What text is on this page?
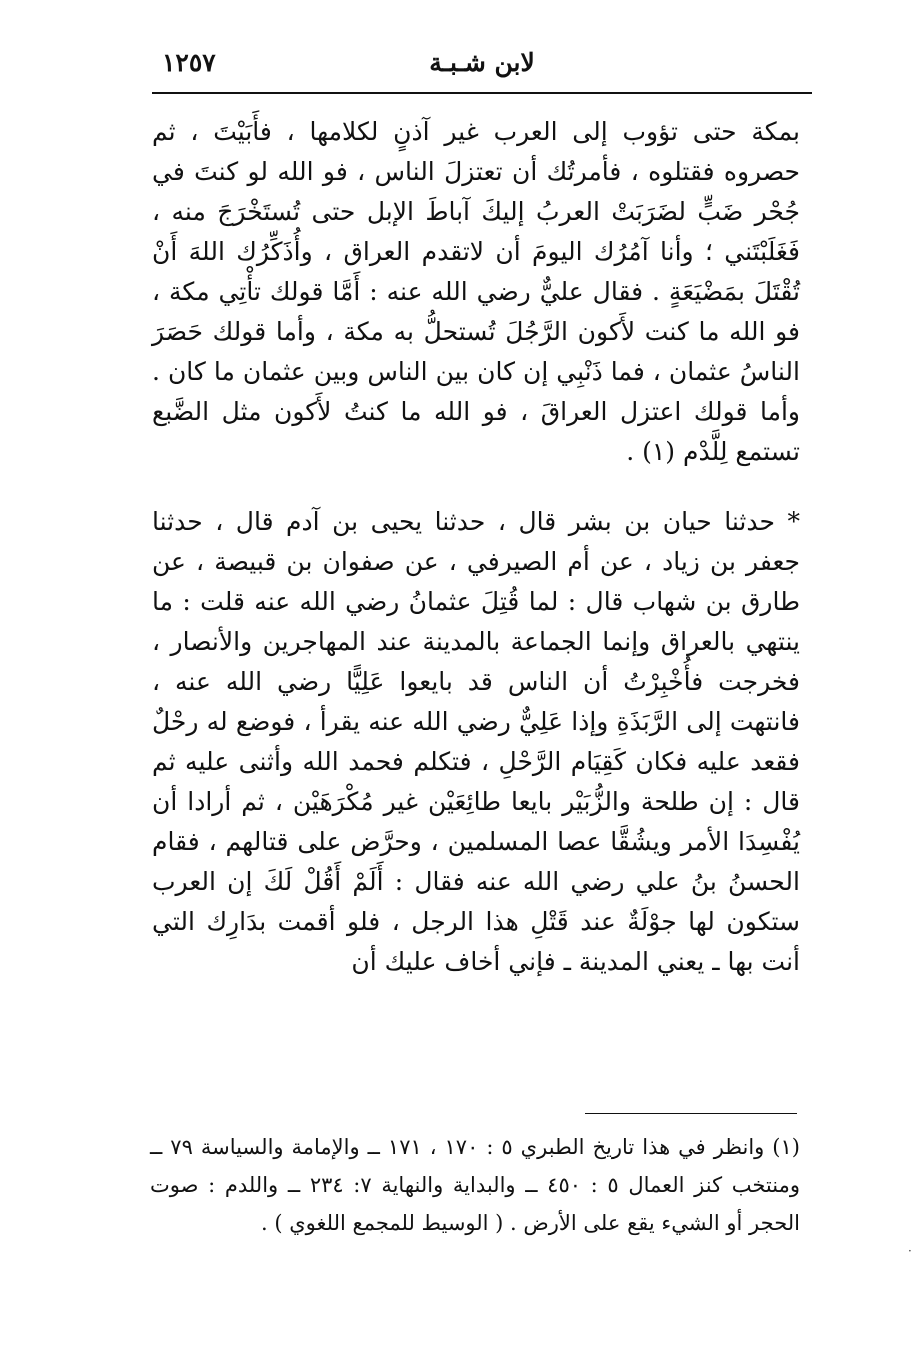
١٢٥٧	لابن شـبـة

بمكة حتى تؤوب إلى العرب غير آذنٍ لكلامها ، فأَبَيْتَ ، ثم حصروه فقتلوه ، فأمرتُك أن تعتزلَ الناس ، فو الله لو كنتَ في جُحْر ضَبٍّ لضَرَبَتْ العربُ إليكَ آباطَ الإبل حتى تُستَخْرَجَ منه ، فَغَلَبْتَني ؛ وأنا آمُرُك اليومَ أن لاتقدم العراق ، وأُذَكِّرُك اللهَ أَنْ تُقْتَلَ بمَضْيَعَةٍ . فقال عليٌّ رضي الله عنه : أَمَّا قولك تأْتِي مكة ، فو الله ما كنت لأَكون الرَّجُلَ تُستحلُّ به مكة ، وأما قولك حَصَرَ الناسُ عثمان ، فما ذَنْبِي إن كان بين الناس وبين عثمان ما كان . وأما قولك اعتزل العراقَ ، فو الله ما كنتُ لأَكون مثل الضَّبع تستمع لِلَّدْم (١) .

* حدثنا حيان بن بشر قال ، حدثنا يحيى بن آدم قال ، حدثنا جعفر بن زياد ، عن أم الصيرفي ، عن صفوان بن قبيصة ، عن طارق بن شهاب قال : لما قُتِلَ عثمانُ رضي الله عنه قلت : ما ينتهي بالعراق وإنما الجماعة بالمدينة عند المهاجرين والأنصار ، فخرجت فأُخْبِرْتُ أن الناس قد بايعوا عَلِيًّا رضي الله عنه ، فانتهت إلى الرَّبَذَةِ وإذا عَلِيٌّ رضي الله عنه يقرأ ، فوضع له رحْلٌ فقعد عليه فكان كَقِيَام الرَّحْلِ ، فتكلم فحمد الله وأثنى عليه ثم قال : إن طلحة والزُّبَيْر بايعا طائِعَيْن غير مُكْرَهَيْن ، ثم أرادا أن يُفْسِدَا الأمر ويشُقَّا عصا المسلمين ، وحرَّض على قتالهم ، فقام الحسنُ بنُ علي رضي الله عنه فقال : أَلَمْ أَقُلْ لَكَ إن العرب ستكون لها جوْلَةٌ عند قَتْلِ هذا الرجل ، فلو أقمت بدَارِك التي أنت بها ـ يعني المدينة ـ فإني أخاف عليك أن

(١) وانظر في هذا تاريخ الطبري ٥ : ١٧٠ ، ١٧١ ــ والإمامة والسياسة ٧٩ ــ ومنتخب كنز العمال ٥ : ٤٥٠ ــ والبداية والنهاية ٧: ٢٣٤ ــ واللدم : صوت الحجر أو الشيء يقع على الأرض . ( الوسيط للمجمع اللغوي ) .

·
